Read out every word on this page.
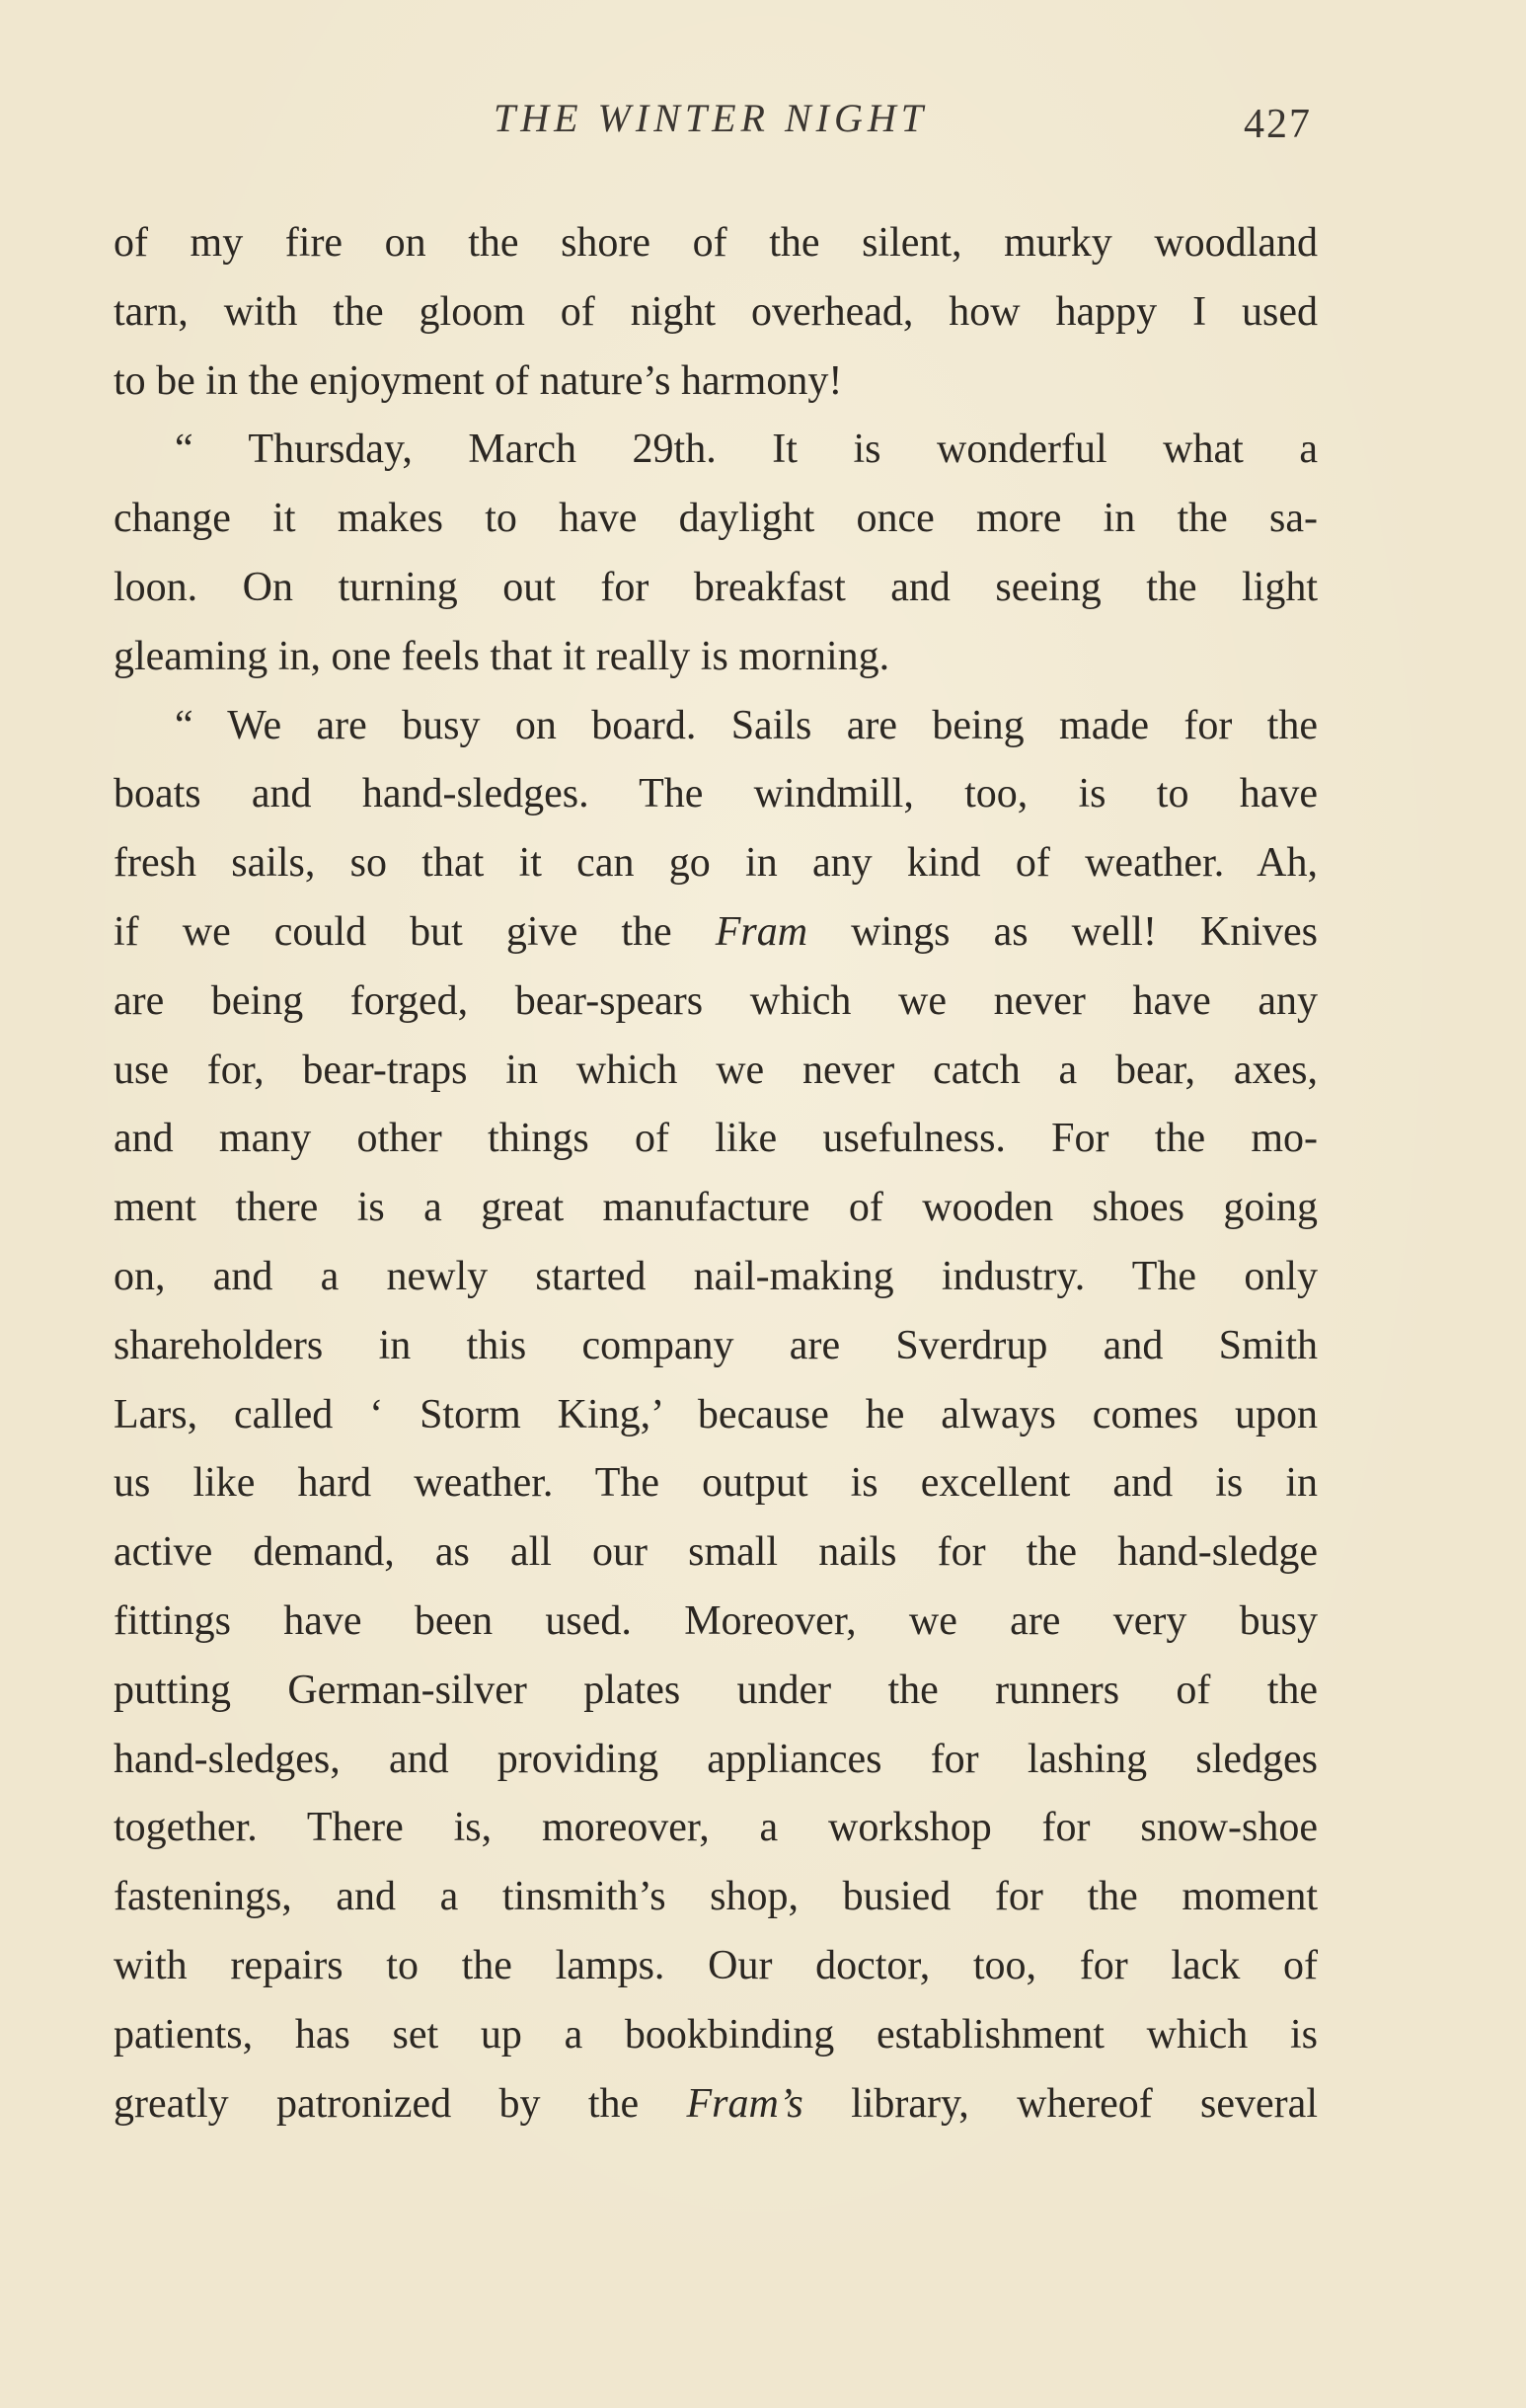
THE WINTER NIGHT	427
of my fire on the shore of the silent, murky woodland
tarn, with the gloom of night overhead, how happy I used
to be in the enjoyment of nature’s harmony!
“ Thursday, March 29th. It is wonderful what a
change it makes to have daylight once more in the sa-
loon. On turning out for breakfast and seeing the light
gleaming in, one feels that it really is morning.
“ We are busy on board. Sails are being made for the
boats and hand-sledges. The windmill, too, is to have
fresh sails, so that it can go in any kind of weather. Ah,
if we could but give the Fram wings as well! Knives
are being forged, bear-spears which we never have any
use for, bear-traps in which we never catch a bear, axes,
and many other things of like usefulness. For the mo-
ment there is a great manufacture of wooden shoes going
on, and a newly started nail-making industry. The only
shareholders in this company are Sverdrup and Smith
Lars, called ‘ Storm King,’ because he always comes upon
us like hard weather. The output is excellent and is in
active demand, as all our small nails for the hand-sledge
fittings have been used. Moreover, we are very busy
putting German-silver plates under the runners of the
hand-sledges, and providing appliances for lashing sledges
together. There is, moreover, a workshop for snow-shoe
fastenings, and a tinsmith’s shop, busied for the moment
with repairs to the lamps. Our doctor, too, for lack of
patients, has set up a bookbinding establishment which is
greatly patronized by the Fram’s library, whereof several
